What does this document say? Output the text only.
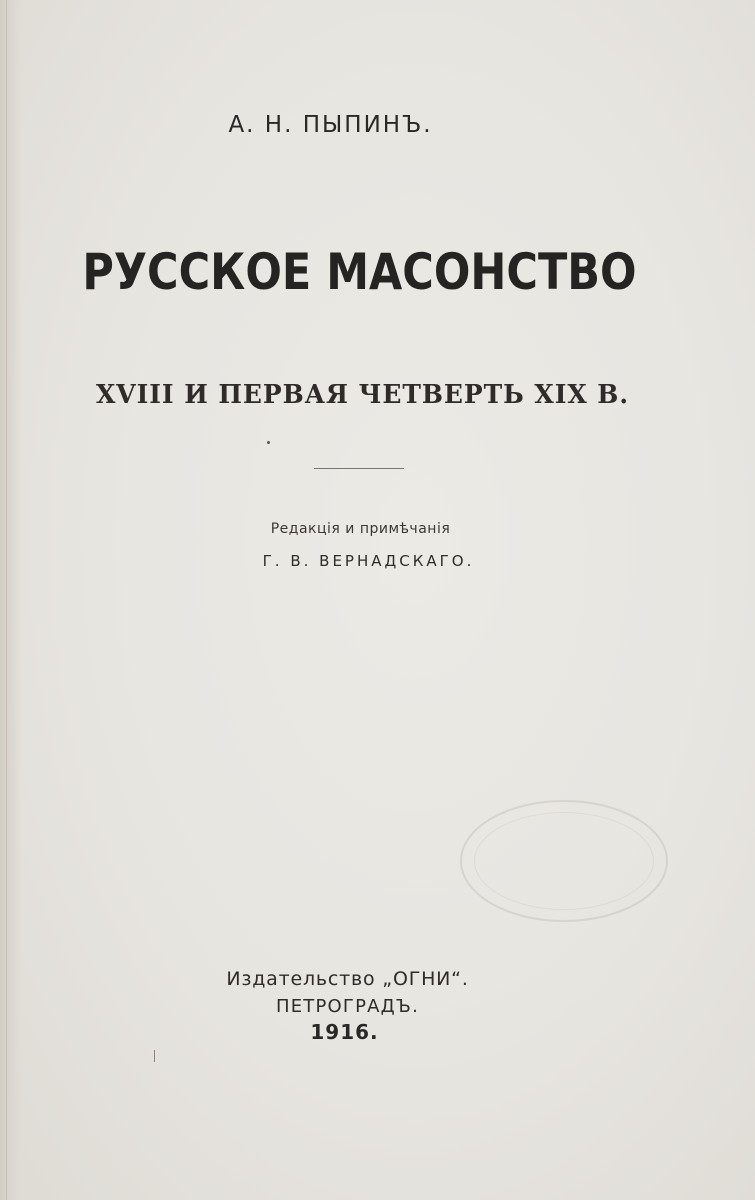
А. Н. ПЫПИНЪ.
РУССКОЕ МАСОНСТВО
XVIII И ПЕРВАЯ ЧЕТВЕРТЬ XIX В.
Редакція и примѣчанія
Г. В. ВЕРНАДСКАГО.
Издательство „ОГНИ“.
ПЕТРОГРАДЪ.
1916.
